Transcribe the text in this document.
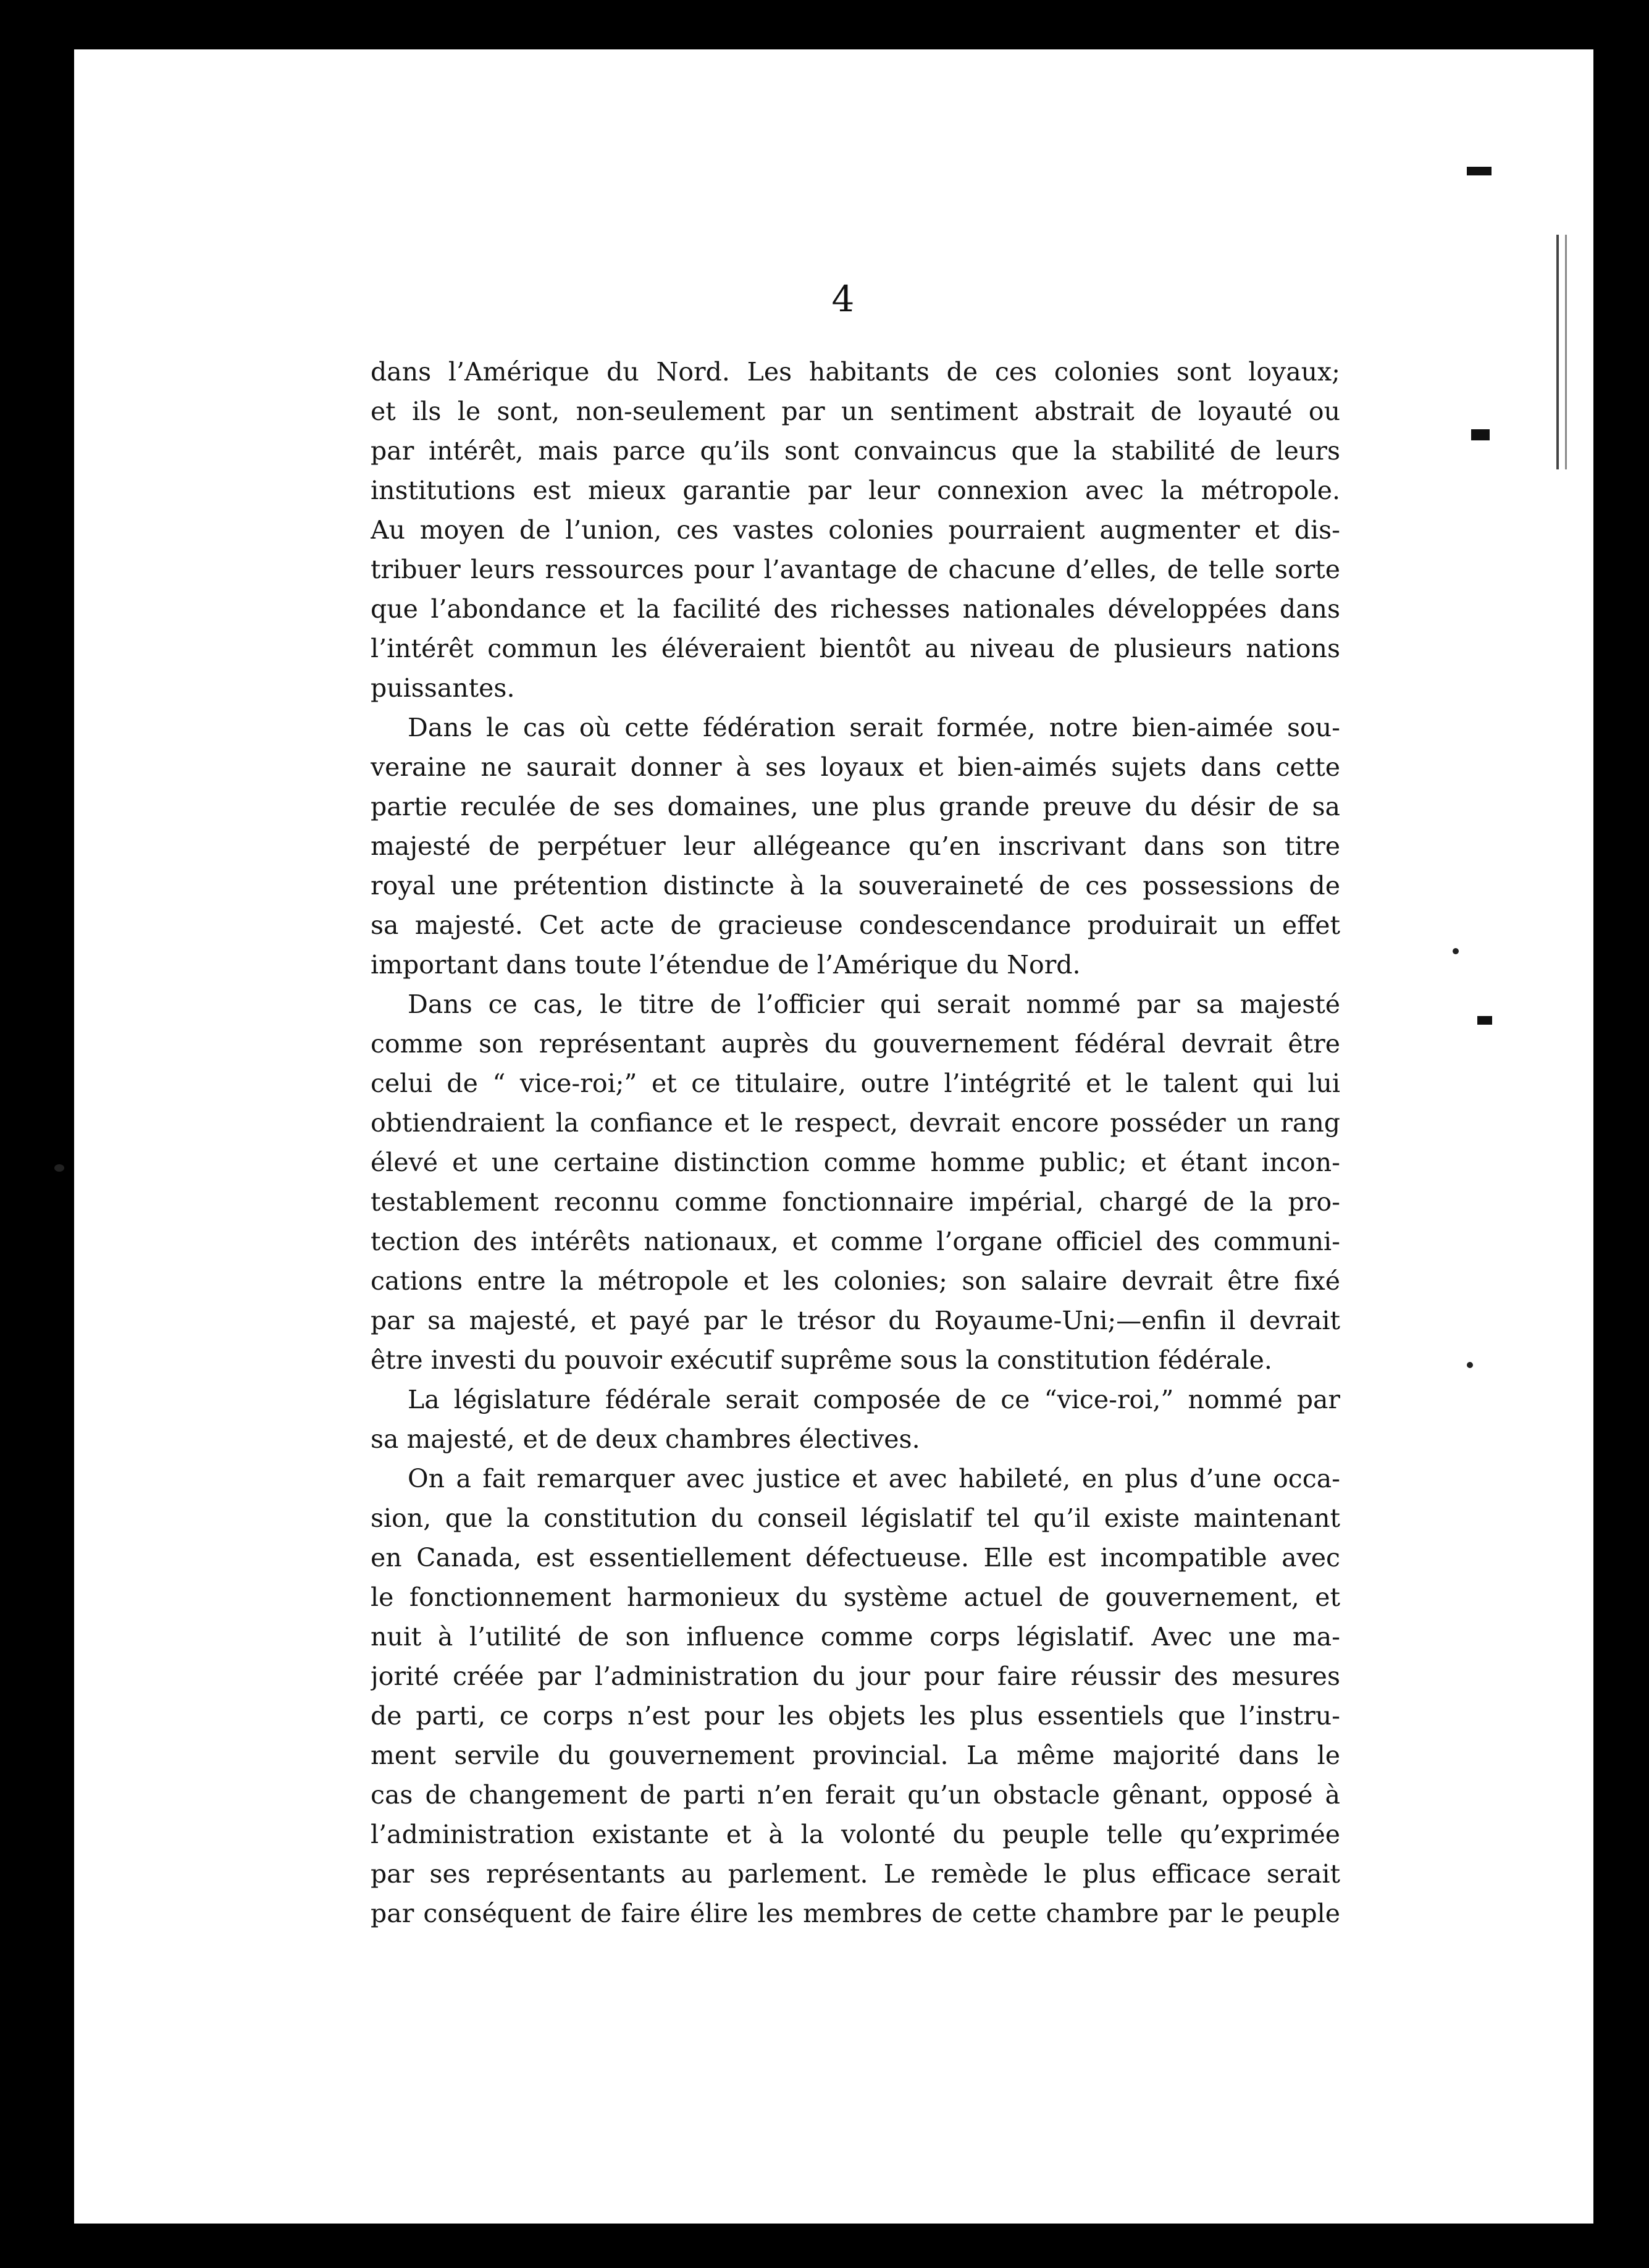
4
dans l’Amérique du Nord. Les habitants de ces colonies sont loyaux;
et ils le sont, non-seulement par un sentiment abstrait de loyauté ou
par intérêt, mais parce qu’ils sont convaincus que la stabilité de leurs
institutions est mieux garantie par leur connexion avec la métropole.
Au moyen de l’union, ces vastes colonies pourraient augmenter et dis-
tribuer leurs ressources pour l’avantage de chacune d’elles, de telle sorte
que l’abondance et la facilité des richesses nationales développées dans
l’intérêt commun les éléveraient bientôt au niveau de plusieurs nations
puissantes.
Dans le cas où cette fédération serait formée, notre bien-aimée sou-
veraine ne saurait donner à ses loyaux et bien-aimés sujets dans cette
partie reculée de ses domaines, une plus grande preuve du désir de sa
majesté de perpétuer leur allégeance qu’en inscrivant dans son titre
royal une prétention distincte à la souveraineté de ces possessions de
sa majesté. Cet acte de gracieuse condescendance produirait un effet
important dans toute l’étendue de l’Amérique du Nord.
Dans ce cas, le titre de l’officier qui serait nommé par sa majesté
comme son représentant auprès du gouvernement fédéral devrait être
celui de “ vice-roi;” et ce titulaire, outre l’intégrité et le talent qui lui
obtiendraient la confiance et le respect, devrait encore posséder un rang
élevé et une certaine distinction comme homme public; et étant incon-
testablement reconnu comme fonctionnaire impérial, chargé de la pro-
tection des intérêts nationaux, et comme l’organe officiel des communi-
cations entre la métropole et les colonies; son salaire devrait être fixé
par sa majesté, et payé par le trésor du Royaume-Uni;—enfin il devrait
être investi du pouvoir exécutif suprême sous la constitution fédérale.
La législature fédérale serait composée de ce “vice-roi,” nommé par
sa majesté, et de deux chambres électives.
On a fait remarquer avec justice et avec habileté, en plus d’une occa-
sion, que la constitution du conseil législatif tel qu’il existe maintenant
en Canada, est essentiellement défectueuse. Elle est incompatible avec
le fonctionnement harmonieux du système actuel de gouvernement, et
nuit à l’utilité de son influence comme corps législatif. Avec une ma-
jorité créée par l’administration du jour pour faire réussir des mesures
de parti, ce corps n’est pour les objets les plus essentiels que l’instru-
ment servile du gouvernement provincial. La même majorité dans le
cas de changement de parti n’en ferait qu’un obstacle gênant, opposé à
l’administration existante et à la volonté du peuple telle qu’exprimée
par ses représentants au parlement. Le remède le plus efficace serait
par conséquent de faire élire les membres de cette chambre par le peuple
